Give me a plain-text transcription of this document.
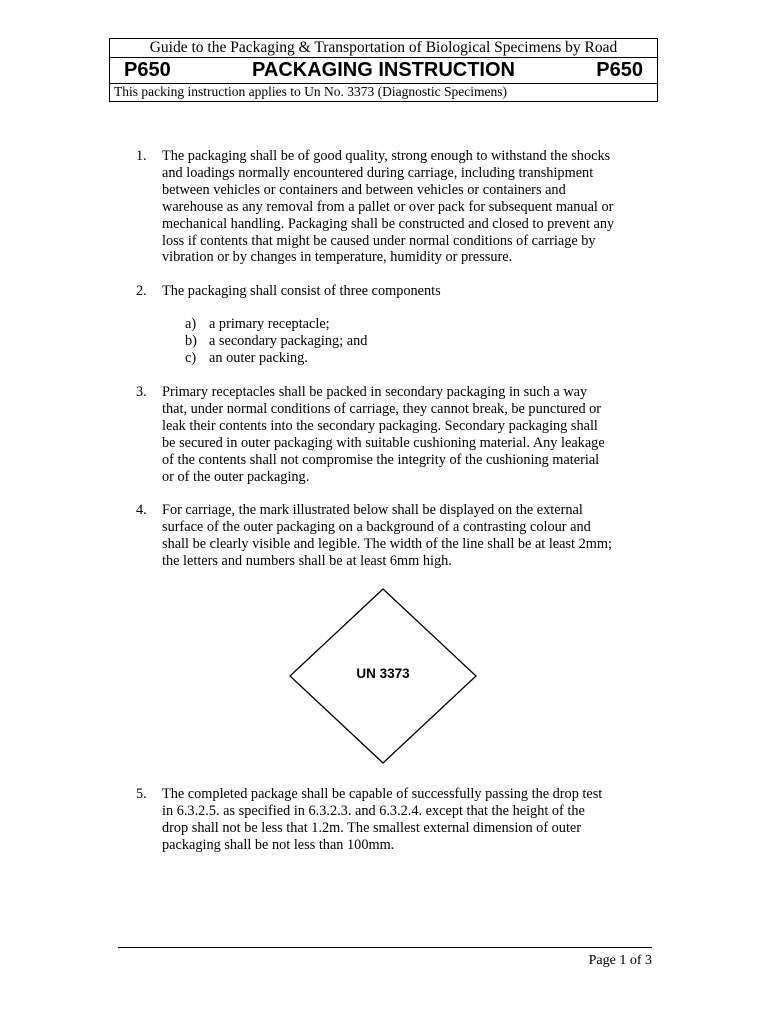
Guide to the Packaging & Transportation of Biological Specimens by Road
P650	PACKAGING INSTRUCTION	P650
This packing instruction applies to Un No. 3373 (Diagnostic Specimens)
1.	The packaging shall be of good quality, strong enough to withstand the shocks
and loadings normally encountered during carriage, including transhipment
between vehicles or containers and between vehicles or containers and
warehouse as any removal from a pallet or over pack for subsequent manual or
mechanical handling. Packaging shall be constructed and closed to prevent any
loss if contents that might be caused under normal conditions of carriage by
vibration or by changes in temperature, humidity or pressure.
2.	The packaging shall consist of three components
a) a primary receptacle;
b) a secondary packaging; and
c) an outer packing.
3.	Primary receptacles shall be packed in secondary packaging in such a way
that, under normal conditions of carriage, they cannot break, be punctured or
leak their contents into the secondary packaging. Secondary packaging shall
be secured in outer packaging with suitable cushioning material. Any leakage
of the contents shall not compromise the integrity of the cushioning material
or of the outer packaging.
4.	For carriage, the mark illustrated below shall be displayed on the external
surface of the outer packaging on a background of a contrasting colour and
shall be clearly visible and legible. The width of the line shall be at least 2mm;
the letters and numbers shall be at least 6mm high.
5.	The completed package shall be capable of successfully passing the drop test
in 6.3.2.5. as specified in 6.3.2.3. and 6.3.2.4. except that the height of the
drop shall not be less that 1.2m. The smallest external dimension of outer
packaging shall be not less than 100mm.
UN 3373
Page 1 of 3
